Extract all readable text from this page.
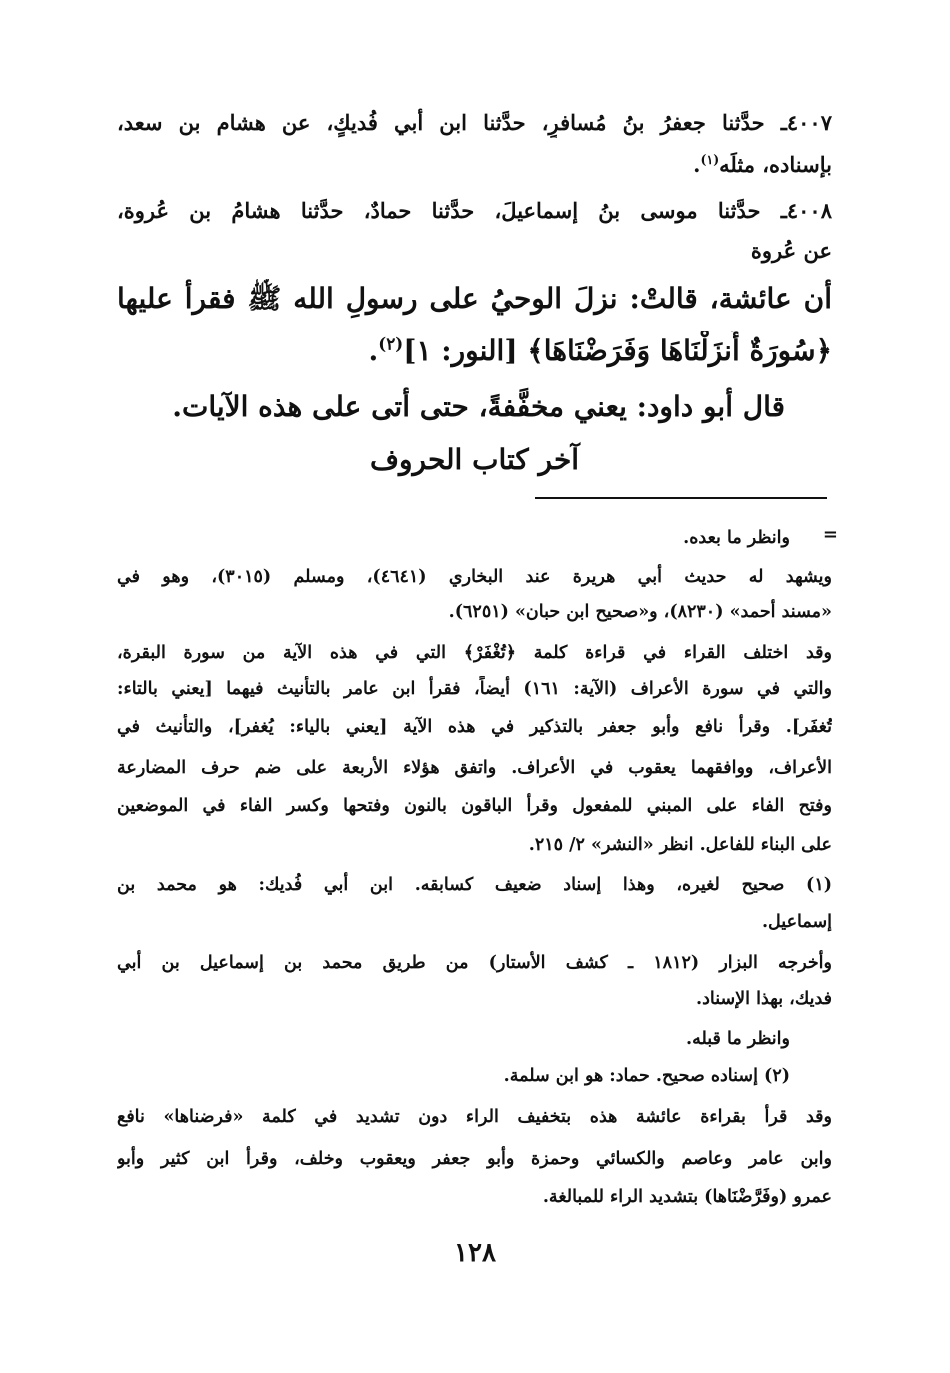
٤٠٠٧ـ حدَّثنا جعفرُ بنُ مُسافرٍ، حدَّثنا ابن أبي فُديكٍ، عن هشام بن سعد،
بإسناده، مثلَه$^{(١)}$.
٤٠٠٨ـ حدَّثنا موسى بنُ إسماعيلَ، حدَّثنا حمادٌ، حدَّثنا هشامُ بن عُروة،
عن عُروة
أن عائشة، قالتْ: نزلَ الوحيُ على رسولِ الله ﷺ فقرأ عليها
﴿سُورَةٌ أَنزَلْنَاهَا وَفَرَضْنَاهَا﴾ [النور: ١]$^{(٢)}$.
قال أبو داود: يعني مخفَّفةً، حتى أتى على هذه الآيات.
آخر كتاب الحروف
=
وانظر ما بعده.
ويشهد له حديث أبي هريرة عند البخاري (٤٦٤١)، ومسلم (٣٠١٥)، وهو في
«مسند أحمد» (٨٢٣٠)، و«صحيح ابن حبان» (٦٢٥١).
وقد اختلف القراء في قراءة كلمة ﴿تُغْفَرْ﴾ التي في هذه الآية من سورة البقرة،
والتي في سورة الأعراف (الآية: ١٦١) أيضاً، فقرأ ابن عامر بالتأنيث فيهما [يعني بالتاء:
تُغفَر]. وقرأ نافع وأبو جعفر بالتذكير في هذه الآية [يعني بالياء: يُغفر]، والتأنيث في
الأعراف، ووافقهما يعقوب في الأعراف. واتفق هؤلاء الأربعة على ضم حرف المضارعة
وفتح الفاء على المبني للمفعول وقرأ الباقون بالنون وفتحها وكسر الفاء في الموضعين
على البناء للفاعل. انظر «النشر» ٢/ ٢١٥.
(١) صحيح لغيره، وهذا إسناد ضعيف كسابقه. ابن أبي فُديك: هو محمد بن
إسماعيل.
وأخرجه البزار (١٨١٢ ـ كشف الأستار) من طريق محمد بن إسماعيل بن أبي
فديك، بهذا الإسناد.
وانظر ما قبله.
(٢) إسناده صحيح. حماد: هو ابن سلمة.
وقد قرأ بقراءة عائشة هذه بتخفيف الراء دون تشديد في كلمة «فرضناها» نافع
وابن عامر وعاصم والكسائي وحمزة وأبو جعفر ويعقوب وخلف، وقرأ ابن كثير وأبو
عمرو (وفَرَّضْنَاها) بتشديد الراء للمبالغة.
١٢٨
